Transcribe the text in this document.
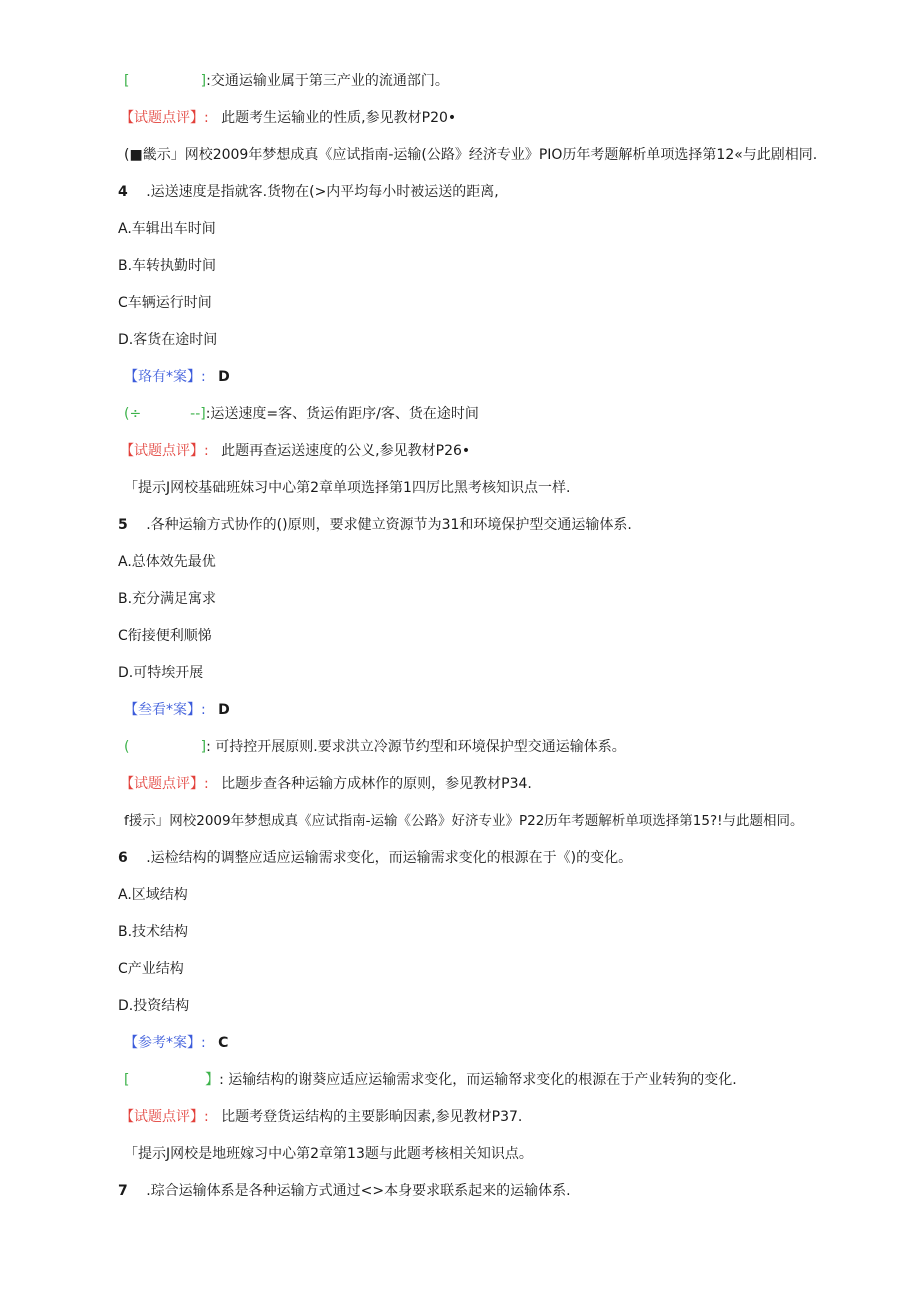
[                ]:交通运输业属于第三产业的流通部门。
【试题点评】: 此题考生运输业的性质,参见教材P20•
(■畿示」网校2009年梦想成真《应试指南-运输(公路》经济专业》PIO历年考题解析单项选择第12«与此剧相同.
4 .运送速度是指就客.货物在(>内平均每小时被运送的距离,
A.车辑出车时间
B.车转执勤时间
C车辆运行时间
D.客货在途时间
【珞有*案】: D
(÷           --]:运送速度=客、货运侑距序/客、货在途时间
【试题点评】: 此题再查运送速度的公义,参见教材P26•
「提示J网校基础班妹习中心第2章单项选择第1四厉比黑考核知识点一样.
5 .各种运输方式协作的()原则，要求健立资源节为31和环境保护型交通运输体系.
A.总体效先最优
B.充分满足寓求
C衔接便利顺悌
D.可特埃开展
【叁看*案】: D
(                ]: 可持控开展原则.要求洪立冷源节约型和环境保护型交通运输体系。
【试题点评】: 比题步查各种运输方成林作的原则，参见教材P34.
f援示」网校2009年梦想成真《应试指南-运输《公路》好济专业》P22历年考题解析单项选择第15?!与此题相同。
6 .运检结构的调整应适应运输需求变化，而运输需求变化的根源在于《)的变化。
A.区域结构
B.技术结构
C产业结构
D.投资结构
【参考*案】: C
[                 】: 运输结构的谢葵应适应运输需求变化，而运输帑求变化的根源在于产业转狗的变化.
【试题点评】: 比题考登货运结构的主要影晌因素,参见教材P37.
「提示J网校是地班嫁习中心第2章第13题与此题考核相关知识点。
7 .琮合运输体系是各种运输方式通过<>本身要求联系起来的运输体系.
